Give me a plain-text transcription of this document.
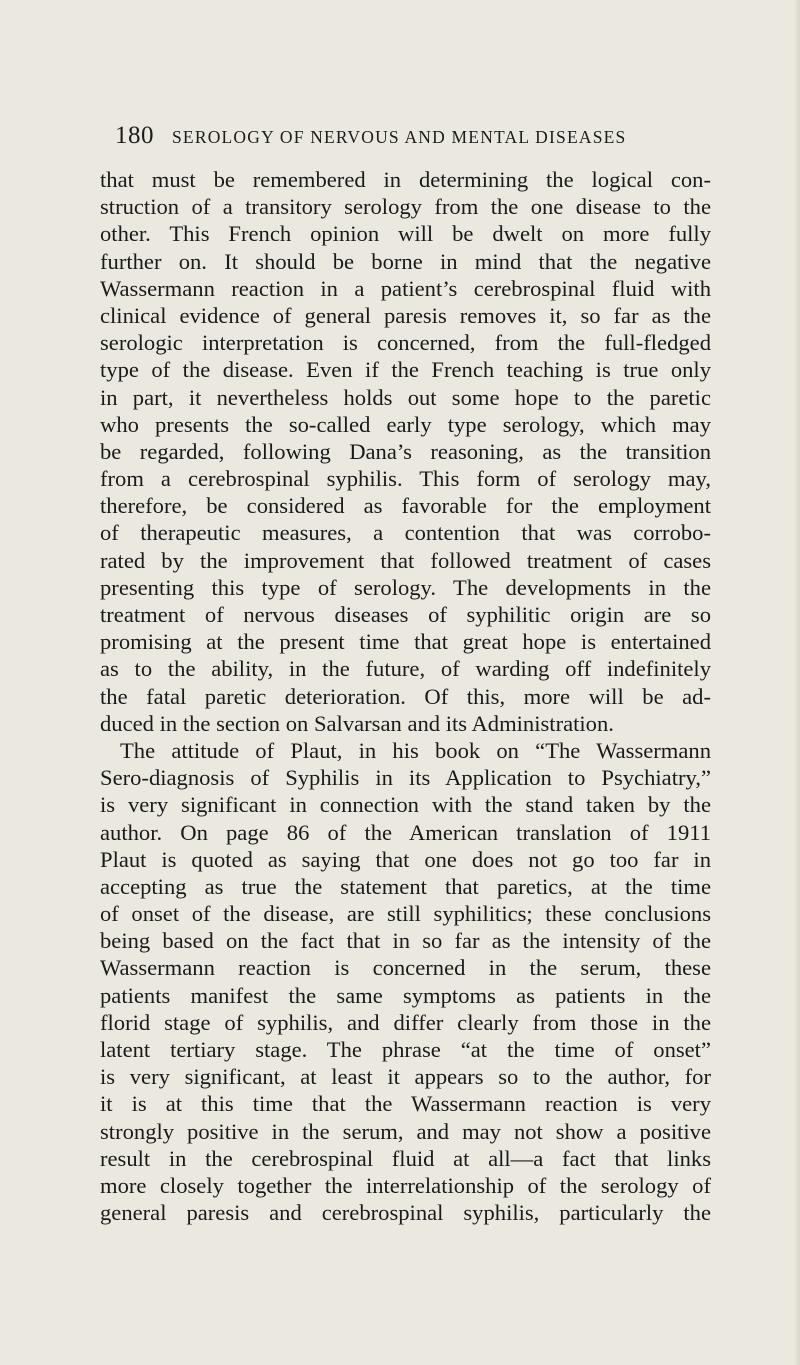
180 SEROLOGY OF NERVOUS AND MENTAL DISEASES
that must be remembered in determining the logical con-
struction of a transitory serology from the one disease to the
other. This French opinion will be dwelt on more fully
further on. It should be borne in mind that the negative
Wassermann reaction in a patient’s cerebrospinal fluid with
clinical evidence of general paresis removes it, so far as the
serologic interpretation is concerned, from the full-fledged
type of the disease. Even if the French teaching is true only
in part, it nevertheless holds out some hope to the paretic
who presents the so-called early type serology, which may
be regarded, following Dana’s reasoning, as the transition
from a cerebrospinal syphilis. This form of serology may,
therefore, be considered as favorable for the employment
of therapeutic measures, a contention that was corrobo-
rated by the improvement that followed treatment of cases
presenting this type of serology. The developments in the
treatment of nervous diseases of syphilitic origin are so
promising at the present time that great hope is entertained
as to the ability, in the future, of warding off indefinitely
the fatal paretic deterioration. Of this, more will be ad-
duced in the section on Salvarsan and its Administration.
The attitude of Plaut, in his book on “The Wassermann
Sero-diagnosis of Syphilis in its Application to Psychiatry,”
is very significant in connection with the stand taken by the
author. On page 86 of the American translation of 1911
Plaut is quoted as saying that one does not go too far in
accepting as true the statement that paretics, at the time
of onset of the disease, are still syphilitics; these conclusions
being based on the fact that in so far as the intensity of the
Wassermann reaction is concerned in the serum, these
patients manifest the same symptoms as patients in the
florid stage of syphilis, and differ clearly from those in the
latent tertiary stage. The phrase “at the time of onset”
is very significant, at least it appears so to the author, for
it is at this time that the Wassermann reaction is very
strongly positive in the serum, and may not show a positive
result in the cerebrospinal fluid at all—a fact that links
more closely together the interrelationship of the serology of
general paresis and cerebrospinal syphilis, particularly the
